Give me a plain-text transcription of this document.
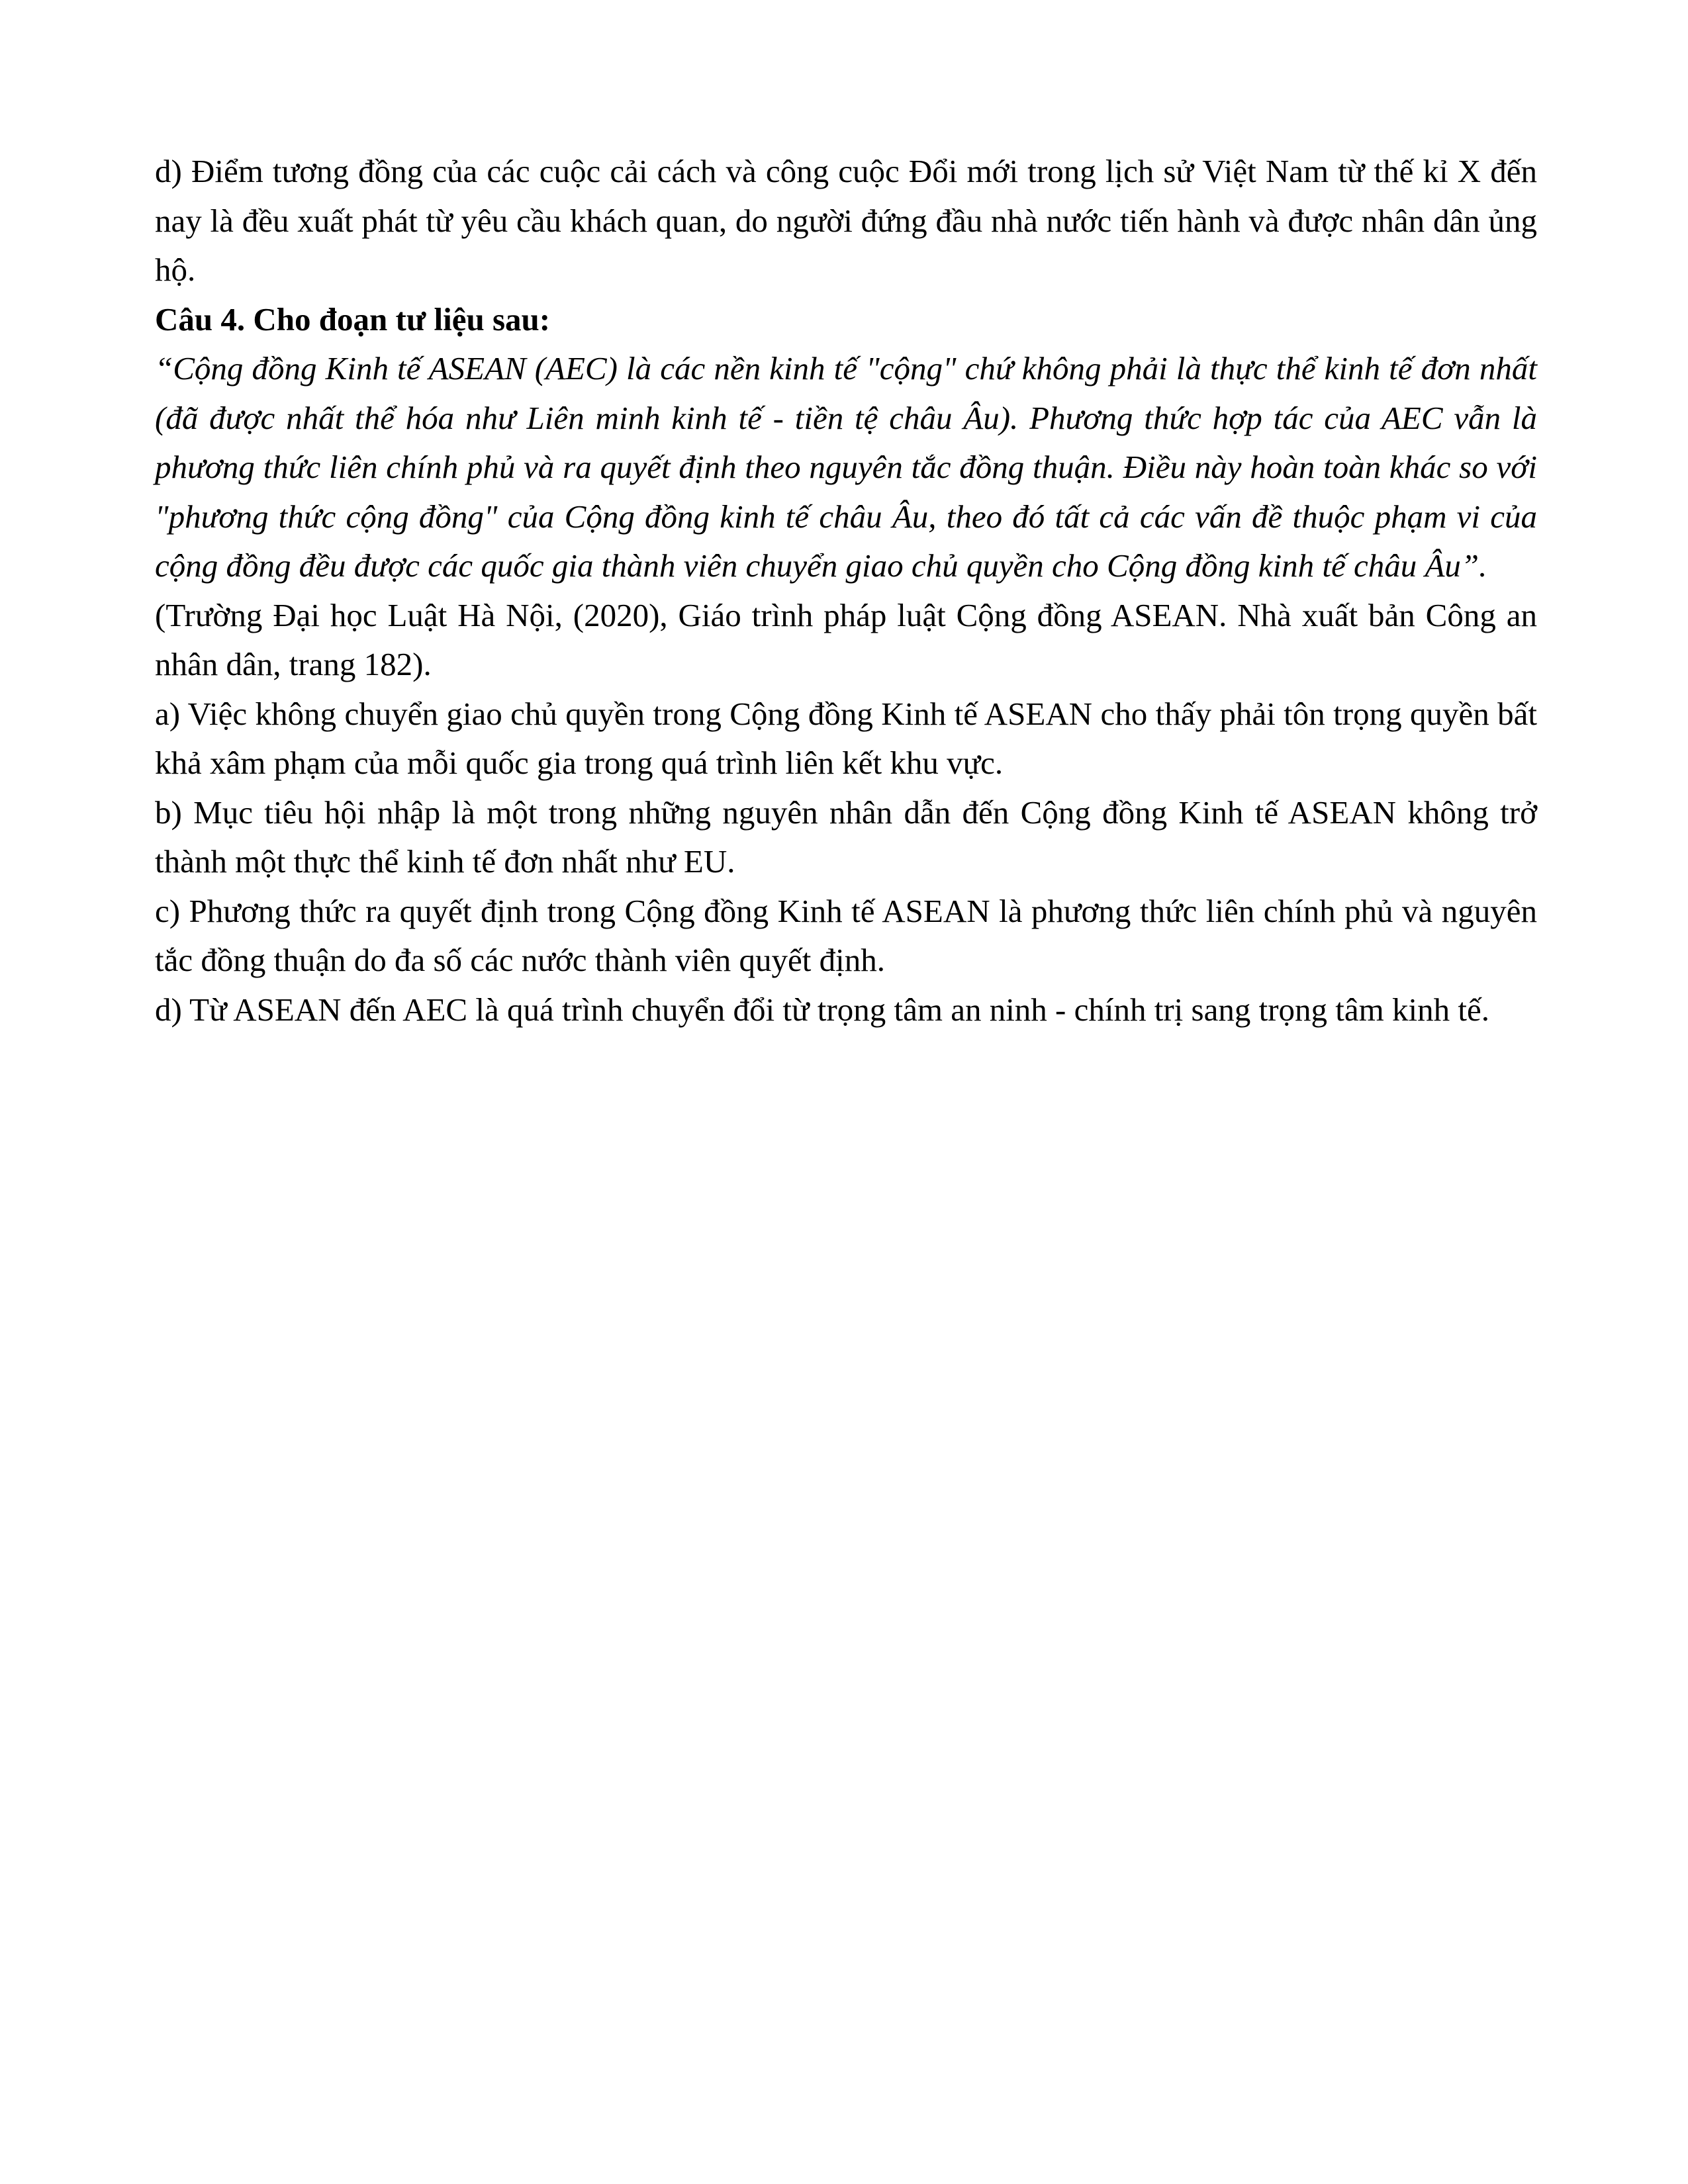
d) Điểm tương đồng của các cuộc cải cách và công cuộc Đổi mới trong lịch sử Việt Nam từ thế kỉ X đến nay là đều xuất phát từ yêu cầu khách quan, do người đứng đầu nhà nước tiến hành và được nhân dân ủng hộ.

Câu 4. Cho đoạn tư liệu sau:

“Cộng đồng Kinh tế ASEAN (AEC) là các nền kinh tế "cộng" chứ không phải là thực thể kinh tế đơn nhất (đã được nhất thể hóa như Liên minh kinh tế - tiền tệ châu Âu). Phương thức hợp tác của AEC vẫn là phương thức liên chính phủ và ra quyết định theo nguyên tắc đồng thuận. Điều này hoàn toàn khác so với "phương thức cộng đồng" của Cộng đồng kinh tế châu Âu, theo đó tất cả các vấn đề thuộc phạm vi của cộng đồng đều được các quốc gia thành viên chuyển giao chủ quyền cho Cộng đồng kinh tế châu Âu”.

(Trường Đại học Luật Hà Nội, (2020), Giáo trình pháp luật Cộng đồng ASEAN. Nhà xuất bản Công an nhân dân, trang 182).

a) Việc không chuyển giao chủ quyền trong Cộng đồng Kinh tế ASEAN cho thấy phải tôn trọng quyền bất khả xâm phạm của mỗi quốc gia trong quá trình liên kết khu vực.

b) Mục tiêu hội nhập là một trong những nguyên nhân dẫn đến Cộng đồng Kinh tế ASEAN không trở thành một thực thể kinh tế đơn nhất như EU.

c) Phương thức ra quyết định trong Cộng đồng Kinh tế ASEAN là phương thức liên chính phủ và nguyên tắc đồng thuận do đa số các nước thành viên quyết định.

d) Từ ASEAN đến AEC là quá trình chuyển đổi từ trọng tâm an ninh - chính trị sang trọng tâm kinh tế.
